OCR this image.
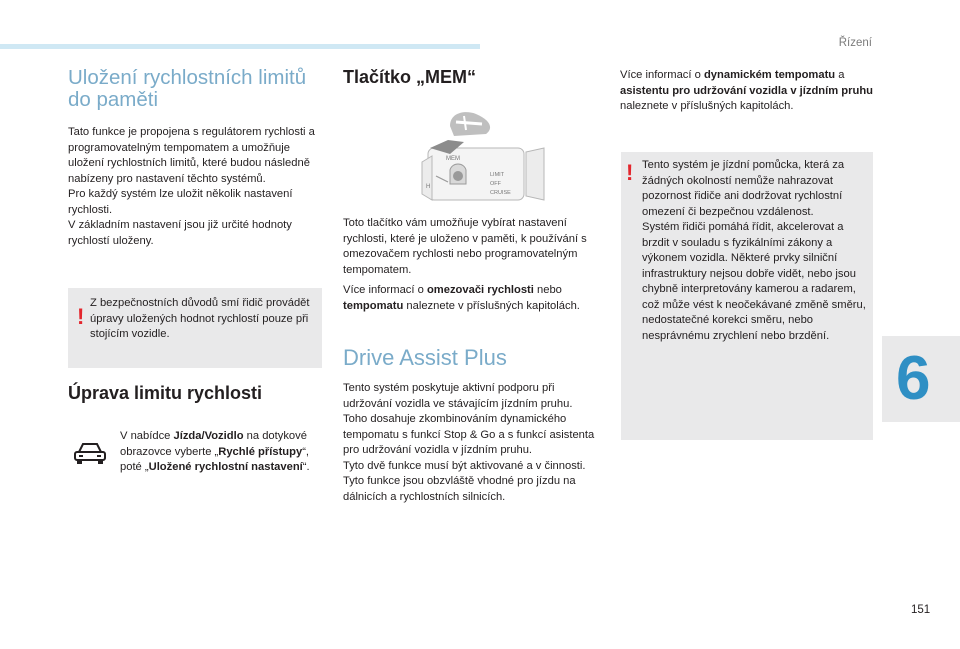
Řízení
6
Uložení rychlostních limitů do paměti

Tato funkce je propojena s regulátorem rychlosti a programovatelným tempomatem a umožňuje uložení rychlostních limitů, které budou následně nabízeny pro nastavení těchto systémů.
Pro každý systém lze uložit několik nastavení rychlosti.
V základním nastavení jsou již určité hodnoty rychlostí uloženy.

!

Z bezpečnostních důvodů smí řidič provádět úpravy uložených hodnot rychlostí pouze při stojícím vozidle.

Úprava limitu rychlosti

V nabídce Jízda/Vozidlo na dotykové obrazovce vyberte „Rychlé přístupy“, poté „Uložené rychlostní nastavení“.

Tlačítko „MEM“
MEM
LIMIT
OFF
CRUISE
H

Toto tlačítko vám umožňuje vybírat nastavení rychlosti, které je uloženo v paměti, k používání s omezovačem rychlosti nebo programovatelným tempomatem.

Více informací o omezovači rychlosti nebo tempomatu naleznete v příslušných kapitolách.

Drive Assist Plus

Tento systém poskytuje aktivní podporu při udržování vozidla ve stávajícím jízdním pruhu.
Toho dosahuje zkombinováním dynamického tempomatu s funkcí Stop & Go a s funkcí asistenta pro udržování vozidla v jízdním pruhu.
Tyto dvě funkce musí být aktivované a v činnosti.
Tyto funkce jsou obzvláště vhodné pro jízdu na dálnicích a rychlostních silnicích.

Více informací o dynamickém tempomatu a asistentu pro udržování vozidla v jízdním pruhu naleznete v příslušných kapitolách.

! Tento systém je jízdní pomůcka, která za žádných okolností nemůže nahrazovat pozornost řidiče ani dodržovat rychlostní omezení či bezpečnou vzdálenost.
Systém řidiči pomáhá řídit, akcelerovat a brzdit v souladu s fyzikálními zákony a výkonem vozidla. Některé prvky silniční infrastruktury nejsou dobře vidět, nebo jsou chybně interpretovány kamerou a radarem, což může vést k neočekávané změně směru, nedostatečné korekci směru, nebo nesprávnému zrychlení nebo brzdění.

151
